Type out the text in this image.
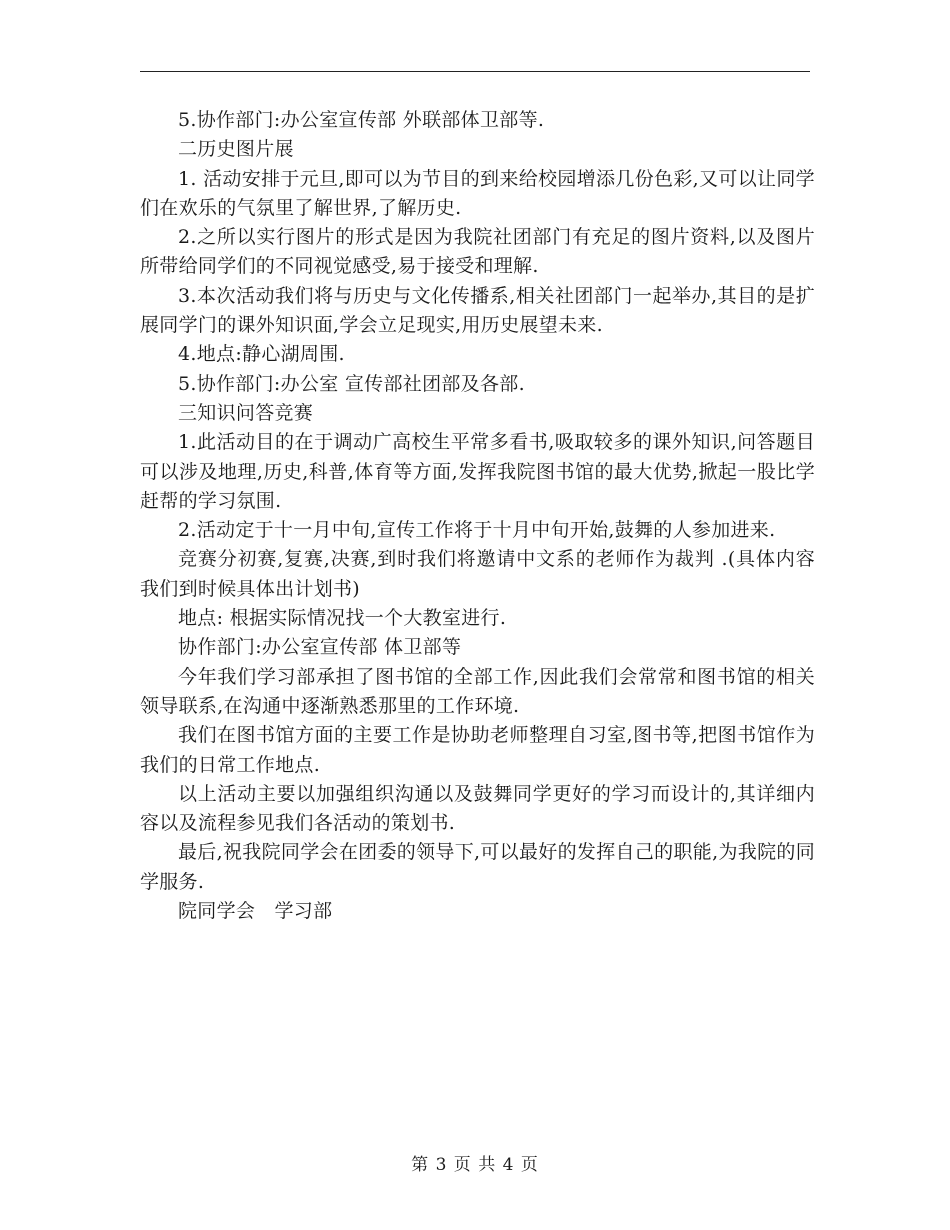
5.协作部门:办公室宣传部 外联部体卫部等.

二历史图片展

1. 活动安排于元旦,即可以为节目的到来给校园增添几份色彩,又可以让同学们在欢乐的气氛里了解世界,了解历史.

2.之所以实行图片的形式是因为我院社团部门有充足的图片资料,以及图片所带给同学们的不同视觉感受,易于接受和理解.

3.本次活动我们将与历史与文化传播系,相关社团部门一起举办,其目的是扩展同学门的课外知识面,学会立足现实,用历史展望未来.

4.地点:静心湖周围.

5.协作部门:办公室 宣传部社团部及各部.

三知识问答竞赛

1.此活动目的在于调动广高校生平常多看书,吸取较多的课外知识,问答题目可以涉及地理,历史,科普,体育等方面,发挥我院图书馆的最大优势,掀起一股比学赶帮的学习氛围.

2.活动定于十一月中旬,宣传工作将于十月中旬开始,鼓舞的人参加进来.

竞赛分初赛,复赛,决赛,到时我们将邀请中文系的老师作为裁判 .(具体内容我们到时候具体出计划书)

地点: 根据实际情况找一个大教室进行.

协作部门:办公室宣传部 体卫部等

今年我们学习部承担了图书馆的全部工作,因此我们会常常和图书馆的相关领导联系,在沟通中逐渐熟悉那里的工作环境.

我们在图书馆方面的主要工作是协助老师整理自习室,图书等,把图书馆作为我们的日常工作地点.

以上活动主要以加强组织沟通以及鼓舞同学更好的学习而设计的,其详细内容以及流程参见我们各活动的策划书.

最后,祝我院同学会在团委的领导下,可以最好的发挥自己的职能,为我院的同学服务.

院同学会　学习部

第 3 页 共 4 页
